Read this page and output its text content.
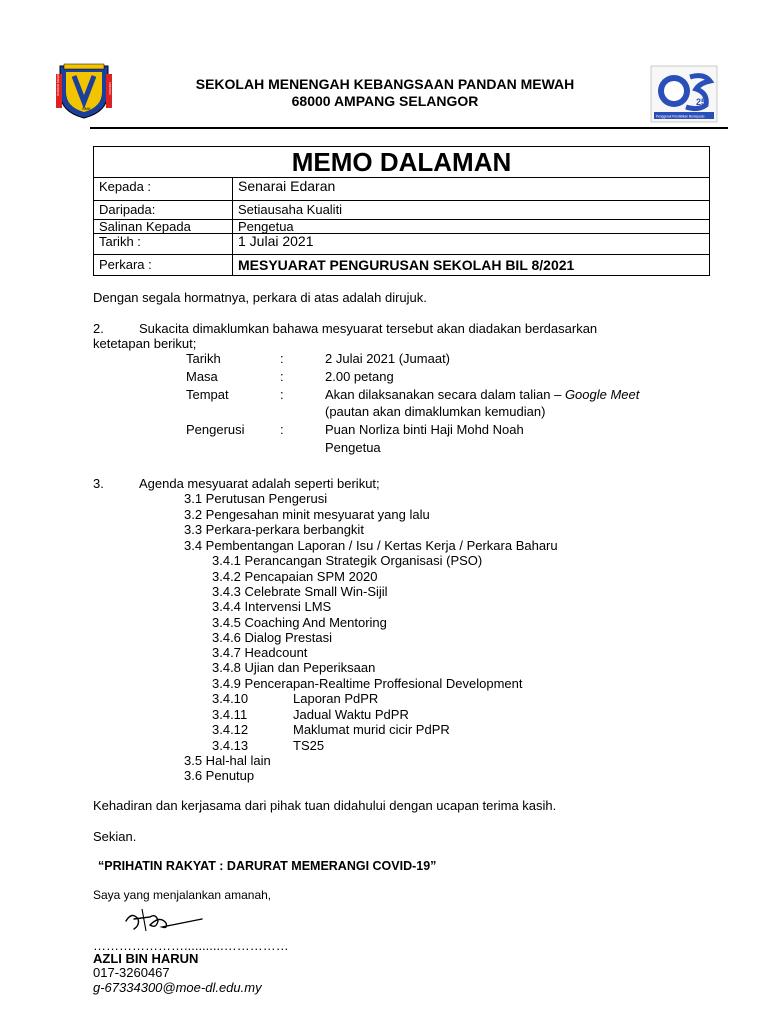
PANDAN MEWAH
SMK
AMPANG
25
Penggerak Pendidikan Bersepadu
SEKOLAH MENENGAH KEBANGSAAN PANDAN MEWAH
68000 AMPANG SELANGOR
MEMO DALAMAN	
Kepada :	Senarai Edaran
Daripada:	Setiausaha Kualiti
Salinan Kepada	Pengetua
Tarikh :	1 Julai 2021
Perkara :	MESYUARAT PENGURUSAN SEKOLAH BIL 8/2021
Dengan segala hormatnya, perkara di atas adalah dirujuk.
2.	Sukacita dimaklumkan bahawa mesyuarat tersebut akan diadakan berdasarkan
ketetapan berikut;
Tarikh	:	2 Julai 2021 (Jumaat)
Masa	:	2.00 petang
Tempat	:	Akan dilaksanakan secara dalam talian – Google Meet
(pautan akan dimaklumkan kemudian)
Pengerusi	:	Puan Norliza binti Haji Mohd Noah
Pengetua
3.	Agenda mesyuarat adalah seperti berikut;
3.1 Perutusan Pengerusi
3.2 Pengesahan minit mesyuarat yang lalu
3.3 Perkara-perkara berbangkit
3.4 Pembentangan Laporan / Isu / Kertas Kerja / Perkara Baharu
3.4.1 Perancangan Strategik Organisasi (PSO)
3.4.2 Pencapaian SPM 2020
3.4.3 Celebrate Small Win-Sijil
3.4.4 Intervensi LMS
3.4.5 Coaching And Mentoring
3.4.6 Dialog Prestasi
3.4.7 Headcount
3.4.8 Ujian dan Peperiksaan
3.4.9 Pencerapan-Realtime Proffesional Development
3.4.10	Laporan PdPR
3.4.11	Jadual Waktu PdPR
3.4.12	Maklumat murid cicir PdPR
3.4.13	TS25
3.5 Hal-hal lain
3.6 Penutup
Kehadiran dan kerjasama dari pihak tuan didahului dengan ucapan terima kasih.
Sekian.
“PRIHATIN RAKYAT : DARURAT MEMERANGI COVID-19”
Saya yang menjalankan amanah,
…………………...........……………
AZLI BIN HARUN
017-3260467
g-67334300@moe-dl.edu.my
